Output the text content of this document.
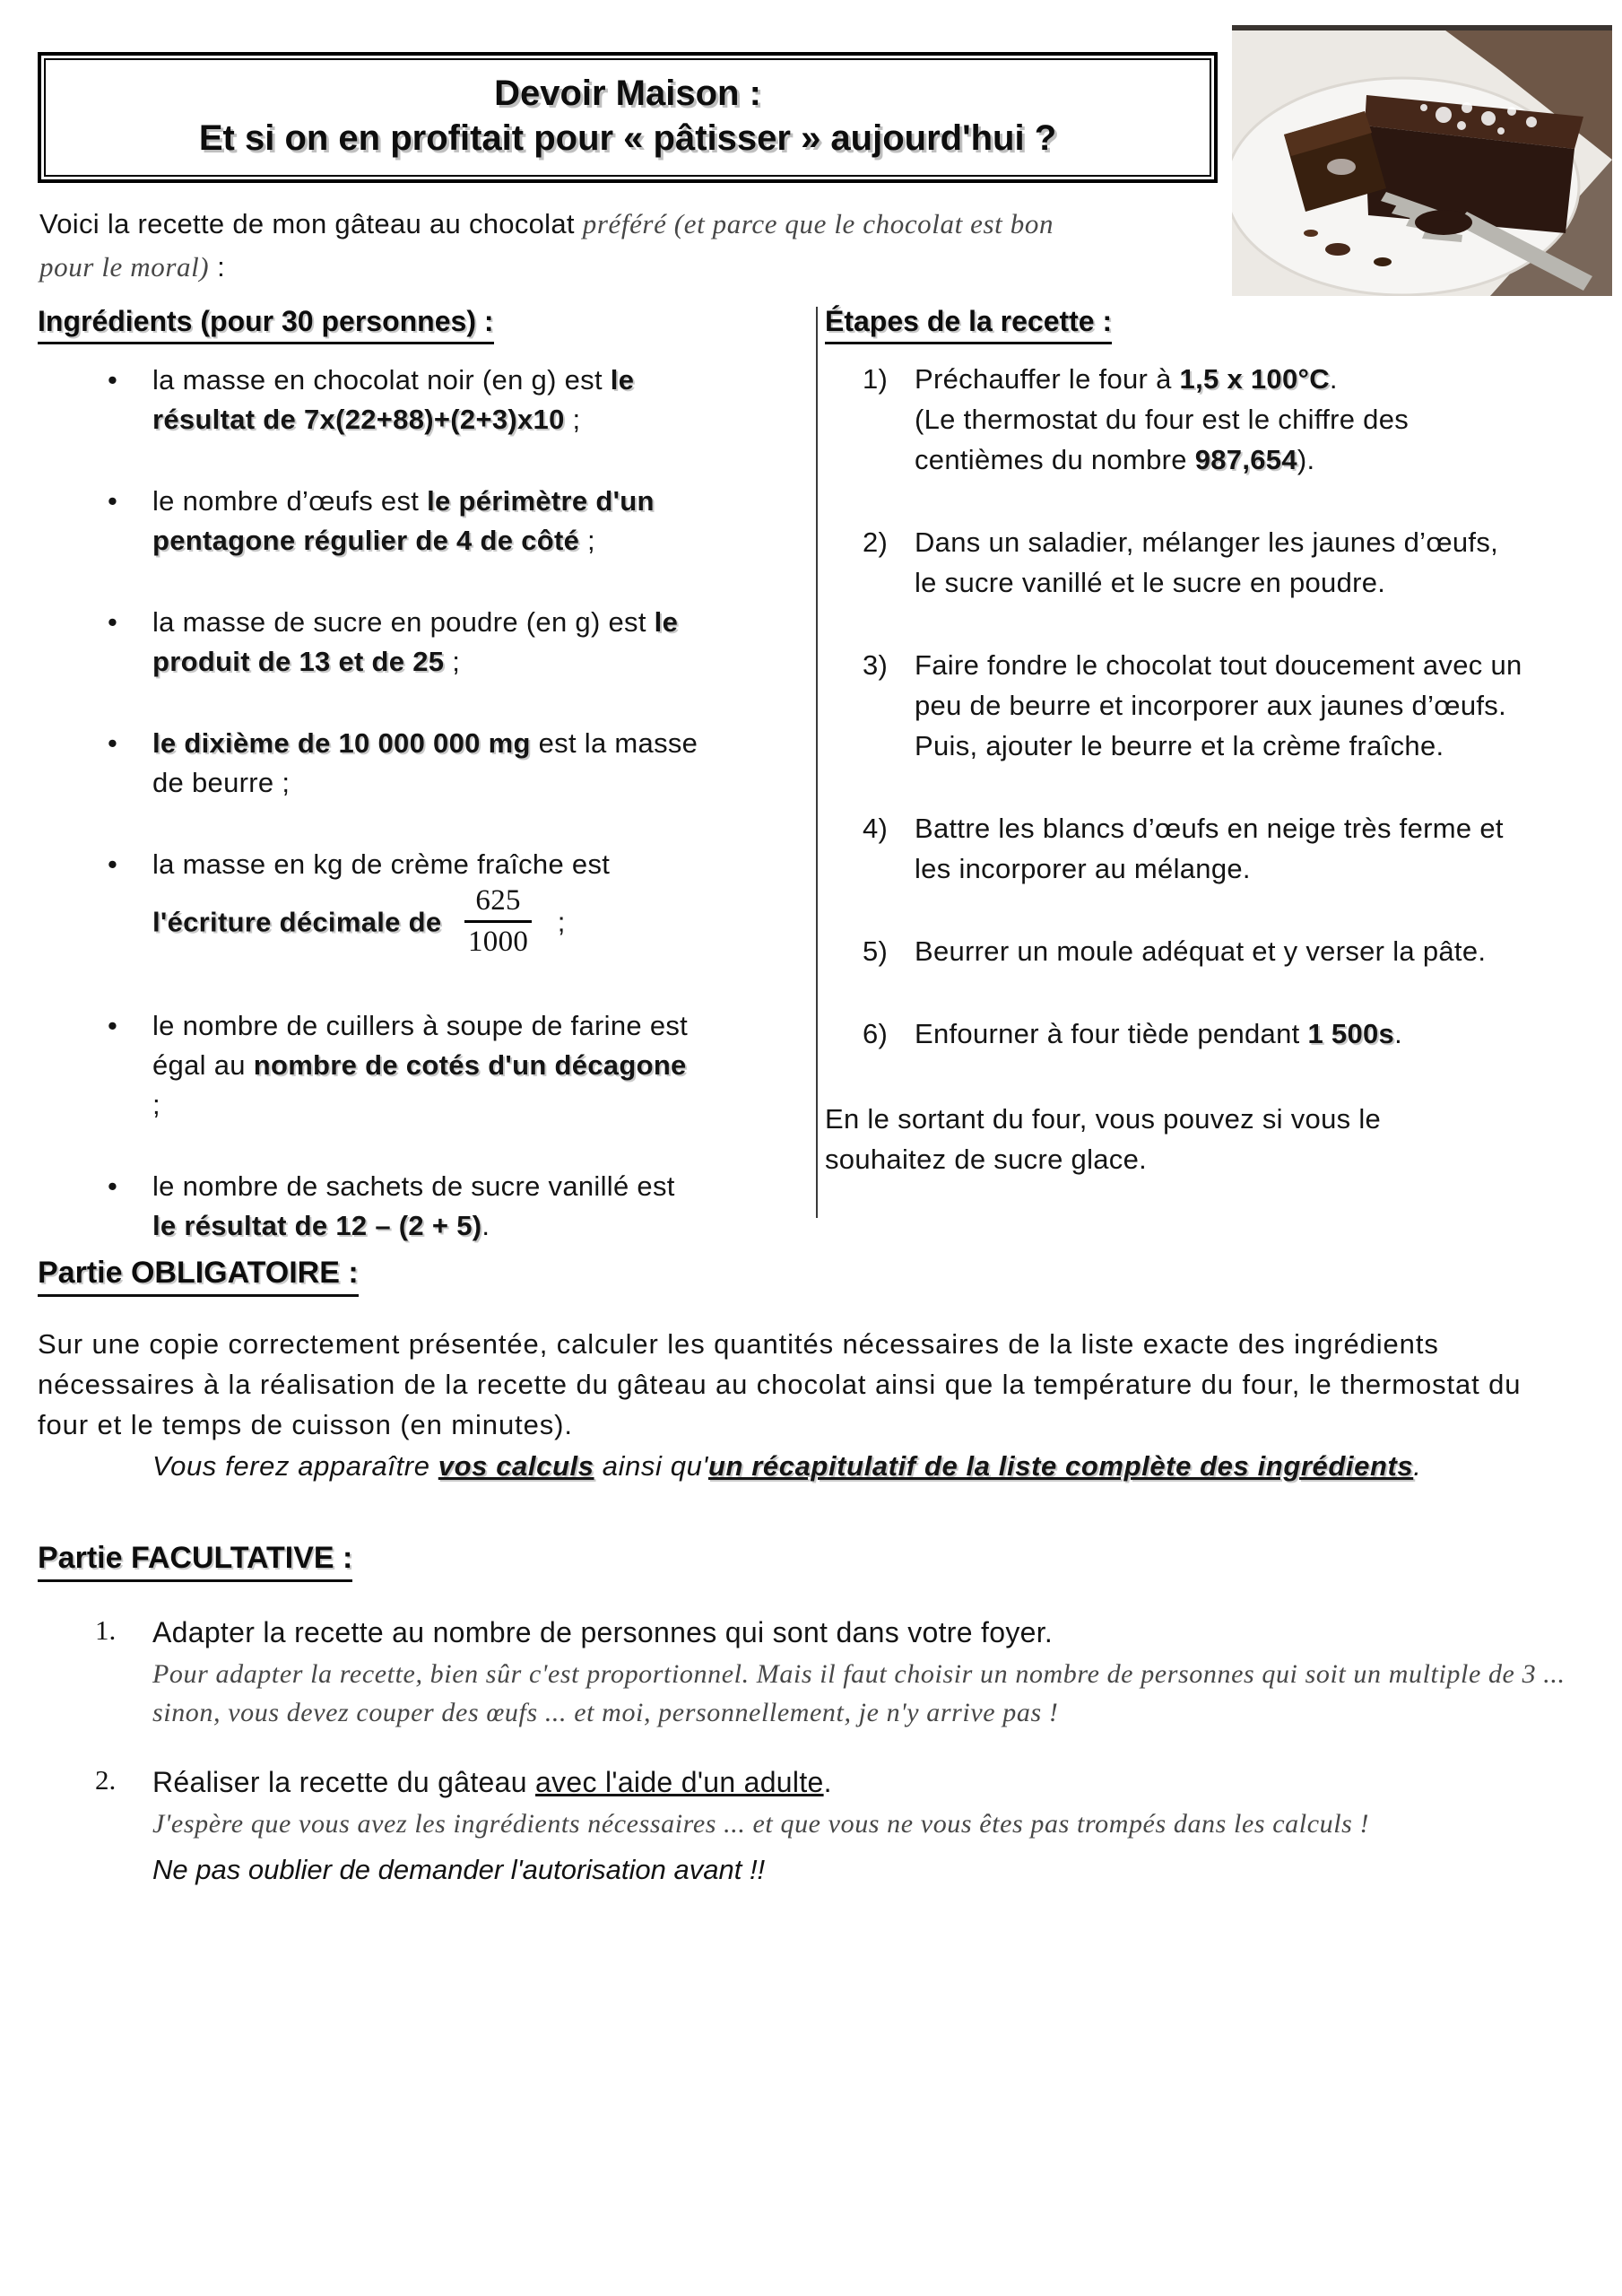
Devoir Maison :
Et si on en profitait pour « pâtisser » aujourd'hui ?
Voici la recette de mon gâteau au chocolat préféré (et parce que le chocolat est bon
pour le moral) :
Ingrédients (pour 30 personnes) :
• la masse en chocolat noir (en g) est le résultat de 7x(22+88)+(2+3)x10 ;
• le nombre d’œufs est le périmètre d'un pentagone régulier de 4 de côté ;
• la masse de sucre en poudre (en g) est le produit de 13 et de 25 ;
• le dixième de 10 000 000 mg est la masse de beurre ;
• la masse en kg de crème fraîche est
l'écriture décimale de $\frac{625}{1000}$ ;
• le nombre de cuillers à soupe de farine est égal au nombre de cotés d'un décagone ;
• le nombre de sachets de sucre vanillé est le résultat de 12 – (2 + 5).
Étapes de la recette :
1) Préchauffer le four à 1,5 x 100°C.
(Le thermostat du four est le chiffre des centièmes du nombre 987,654).
2) Dans un saladier, mélanger les jaunes d’œufs, le sucre vanillé et le sucre en poudre.
3) Faire fondre le chocolat tout doucement avec un peu de beurre et incorporer aux jaunes d’œufs.
Puis, ajouter le beurre et la crème fraîche.
4) Battre les blancs d’œufs en neige très ferme et les incorporer au mélange.
5) Beurrer un moule adéquat et y verser la pâte.
6) Enfourner à four tiède pendant 1 500s.
En le sortant du four, vous pouvez si vous le souhaitez de sucre glace.
Partie OBLIGATOIRE :

Sur une copie correctement présentée, calculer les quantités nécessaires de la liste exacte des ingrédients nécessaires à la réalisation de la recette du gâteau au chocolat ainsi que la température du four, le thermostat du four et le temps de cuisson (en minutes).

Vous ferez apparaître vos calculs ainsi qu'un récapitulatif de la liste complète des ingrédients.

Partie FACULTATIVE :
1. Adapter la recette au nombre de personnes qui sont dans votre foyer.
Pour adapter la recette, bien sûr c'est proportionnel. Mais il faut choisir un nombre de personnes qui soit un multiple de 3 ... sinon, vous devez couper des œufs ... et moi, personnellement, je n'y arrive pas !
2. Réaliser la recette du gâteau avec l'aide d'un adulte.
J'espère que vous avez les ingrédients nécessaires ... et que vous ne vous êtes pas trompés dans les calculs !
Ne pas oublier de demander l'autorisation avant !!
